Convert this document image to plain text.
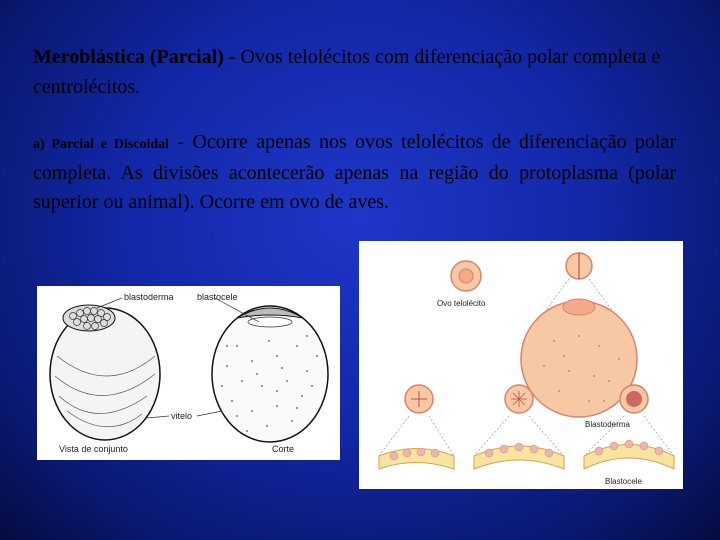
Meroblástica (Parcial) - Ovos telolécitos com diferenciação polar completa e centrolécitos.
a) Parcial e Discoidal - Ocorre apenas nos ovos telolécitos de diferenciação polar completa. As divisões acontecerão apenas na região do protoplasma (polar superior ou animal). Ocorre em ovo de aves.
blastoderma	blastocele
vitelo
Vista de conjunto	Corte
Ovo telolécito
Blastoderma
Blastocele
